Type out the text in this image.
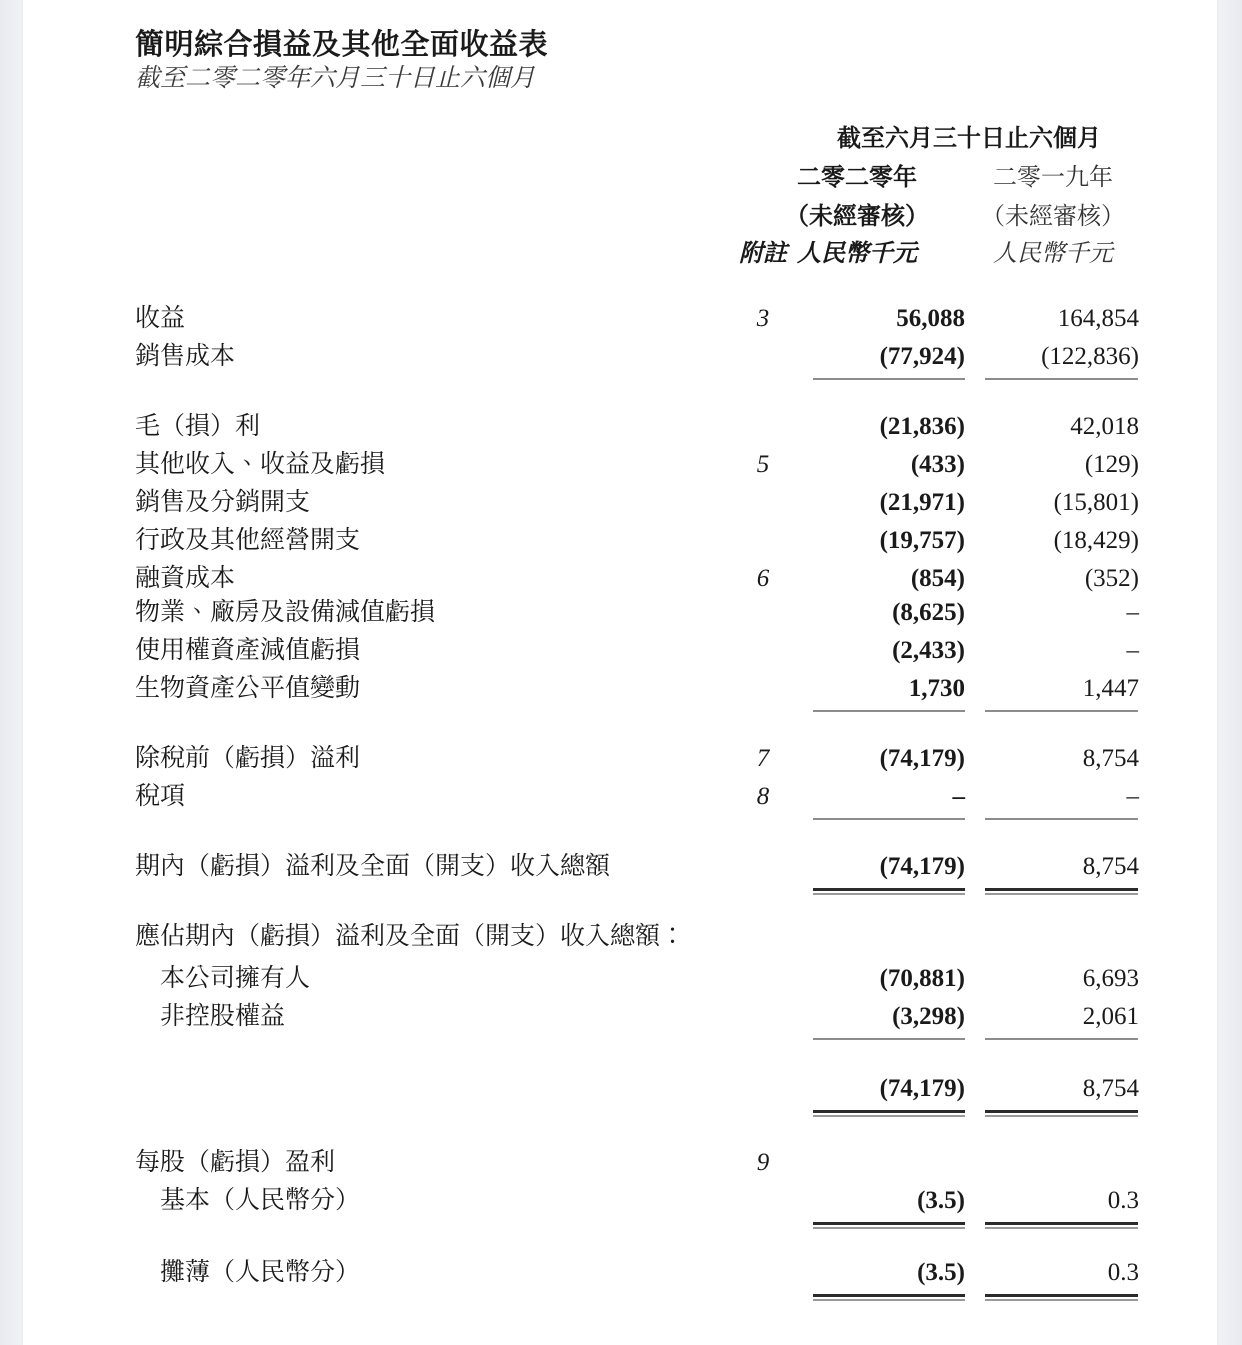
簡明綜合損益及其他全面收益表
截至二零二零年六月三十日止六個月
截至六月三十日止六個月
二零二零年	二零一九年
（未經審核）	（未經審核）
附註 人民幣千元	人民幣千元
收益	3	56,088	164,854
銷售成本	(77,924)	(122,836)
毛（損）利	(21,836)	42,018
其他收入、收益及虧損	5	(433)	(129)
銷售及分銷開支	(21,971)	(15,801)
行政及其他經營開支	(19,757)	(18,429)
融資成本	6	(854)	(352)
物業、廠房及設備減值虧損	(8,625)	–
使用權資產減值虧損	(2,433)	–
生物資產公平值變動	1,730	1,447
除稅前（虧損）溢利	7	(74,179)	8,754
稅項	8	–	–
期內（虧損）溢利及全面（開支）收入總額	(74,179)	8,754
應佔期內（虧損）溢利及全面（開支）收入總額：
本公司擁有人	(70,881)	6,693
非控股權益	(3,298)	2,061
(74,179)	8,754
每股（虧損）盈利	9
基本（人民幣分）	(3.5)	0.3
攤薄（人民幣分）	(3.5)	0.3
